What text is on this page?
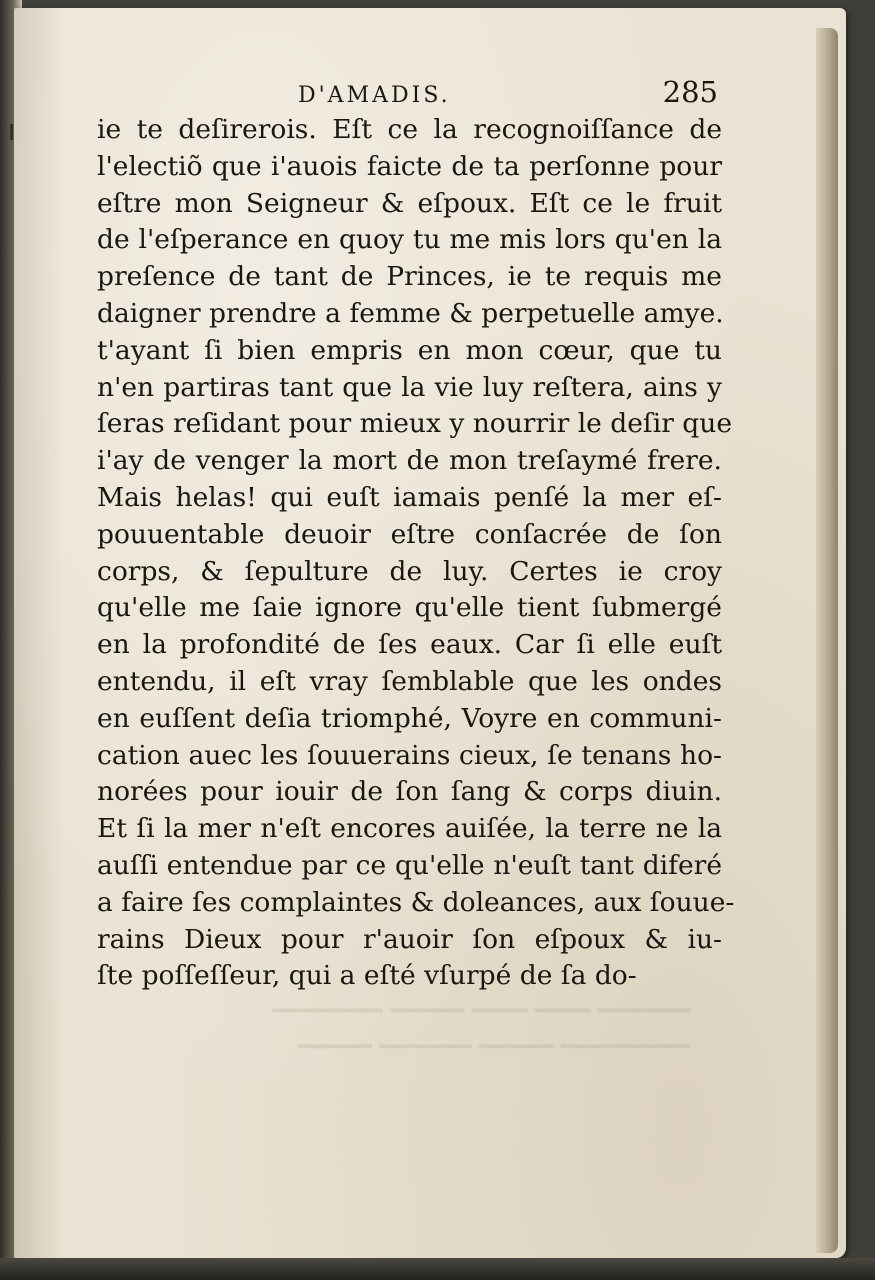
D'AMADIS.	285
ie te deſirerois. Eſt ce la recognoiſſance de
l'electiõ que i'auois faicte de ta perſonne pour
eſtre mon Seigneur & eſpoux. Eſt ce le fruit
de l'eſperance en quoy tu me mis lors qu'en la
preſence de tant de Princes, ie te requis me
daigner prendre a femme & perpetuelle amye.
t'ayant ſi bien empris en mon cœur, que tu
n'en partiras tant que la vie luy reſtera, ains y
ſeras reſidant pour mieux y nourrir le deſir que
i'ay de venger la mort de mon treſaymé frere.
Mais helas! qui euſt iamais penſé la mer eſ-
pouuentable deuoir eſtre conſacrée de ſon
corps, & ſepulture de luy. Certes ie croy
qu'elle me ſaie ignore qu'elle tient ſubmergé
en la profondité de ſes eaux. Car ſi elle euſt
entendu, il eſt vray ſemblable que les ondes
en euſſent deſia triomphé, Voyre en communi-
cation auec les ſouuerains cieux, ſe tenans ho-
norées pour iouir de ſon ſang & corps diuin.
Et ſi la mer n'eſt encores auiſée, la terre ne la
auſſi entendue par ce qu'elle n'euſt tant diferé
a faire ſes complaintes & doleances, aux ſouue-
rains Dieux pour r'auoir ſon eſpoux & iu-
ſte poſſeſſeur, qui a eſté vſurpé de ſa do-
